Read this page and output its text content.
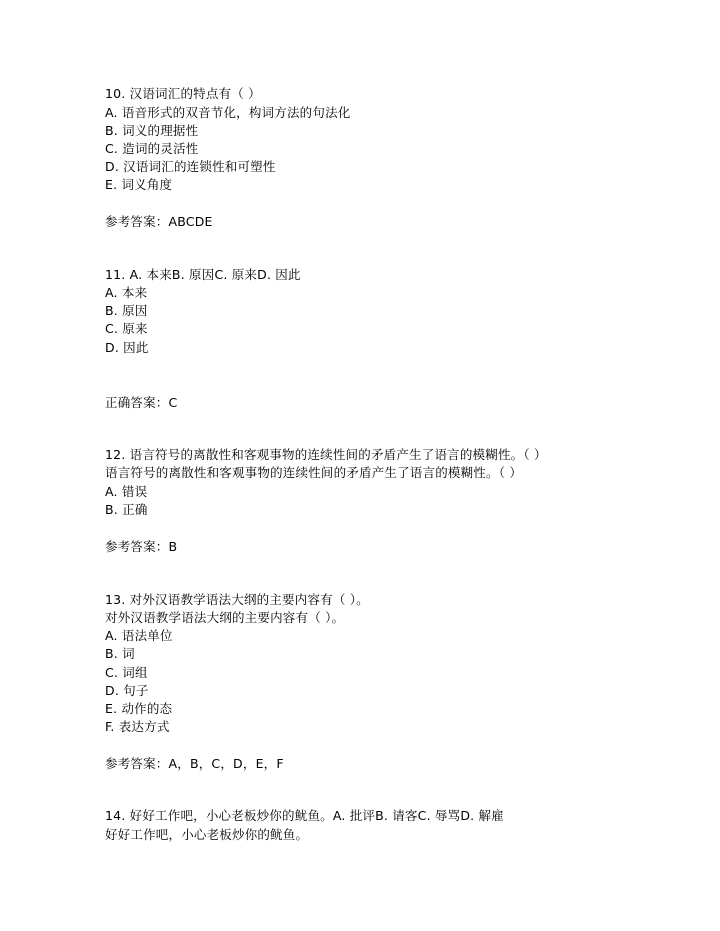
10. 汉语词汇的特点有（ ）
A. 语音形式的双音节化，构词方法的句法化
B. 词义的理据性
C. 造词的灵活性
D. 汉语词汇的连锁性和可塑性
E. 词义角度
参考答案：ABCDE
11. A. 本来B. 原因C. 原来D. 因此
A. 本来
B. 原因
C. 原来
D. 因此
正确答案：C
12. 语言符号的离散性和客观事物的连续性间的矛盾产生了语言的模糊性。（ ）
语言符号的离散性和客观事物的连续性间的矛盾产生了语言的模糊性。（ ）
A. 错误
B. 正确
参考答案：B
13. 对外汉语教学语法大纲的主要内容有（ ）。
对外汉语教学语法大纲的主要内容有（ ）。
A. 语法单位
B. 词
C. 词组
D. 句子
E. 动作的态
F. 表达方式
参考答案：A，B，C，D，E，F
14. 好好工作吧，小心老板炒你的鱿鱼。A. 批评B. 请客C. 辱骂D. 解雇
好好工作吧，小心老板炒你的鱿鱼。
